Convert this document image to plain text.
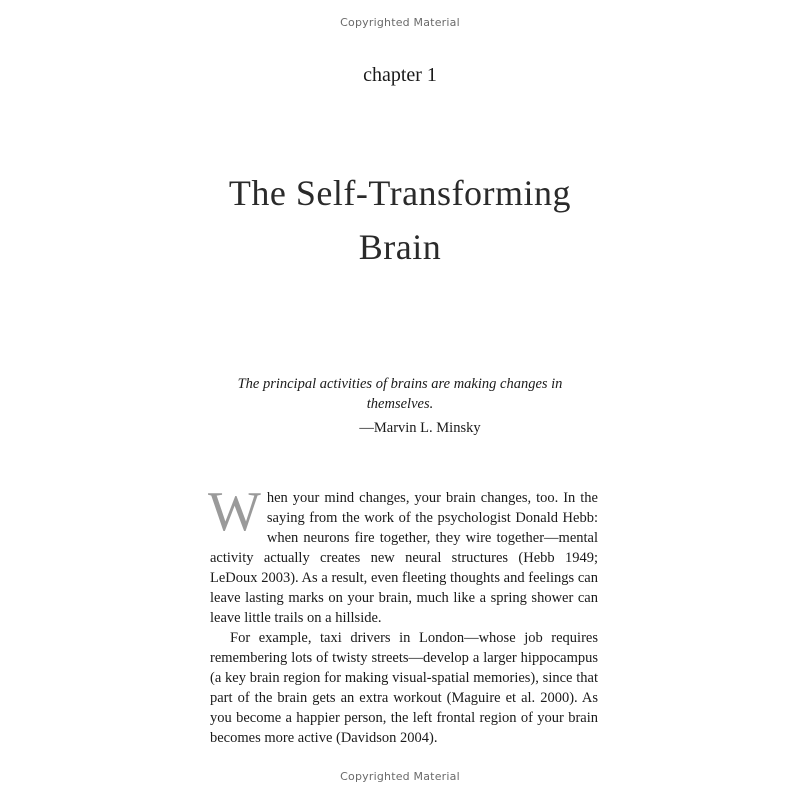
Copyrighted Material
chapter 1
The Self-Transforming
Brain
The principal activities of brains are making changes in themselves.
—Marvin L. Minsky

When your mind changes, your brain changes, too. In the saying from the work of the psychologist Donald Hebb: when neurons fire together, they wire together—mental activity actually creates new neural structures (Hebb 1949; LeDoux 2003). As a result, even fleeting thoughts and feelings can leave lasting marks on your brain, much like a spring shower can leave little trails on a hillside.

For example, taxi drivers in London—whose job requires remembering lots of twisty streets—develop a larger hippocampus (a key brain region for making visual-spatial memories), since that part of the brain gets an extra workout (Maguire et al. 2000). As you become a happier person, the left frontal region of your brain becomes more active (Davidson 2004).

Copyrighted Material
